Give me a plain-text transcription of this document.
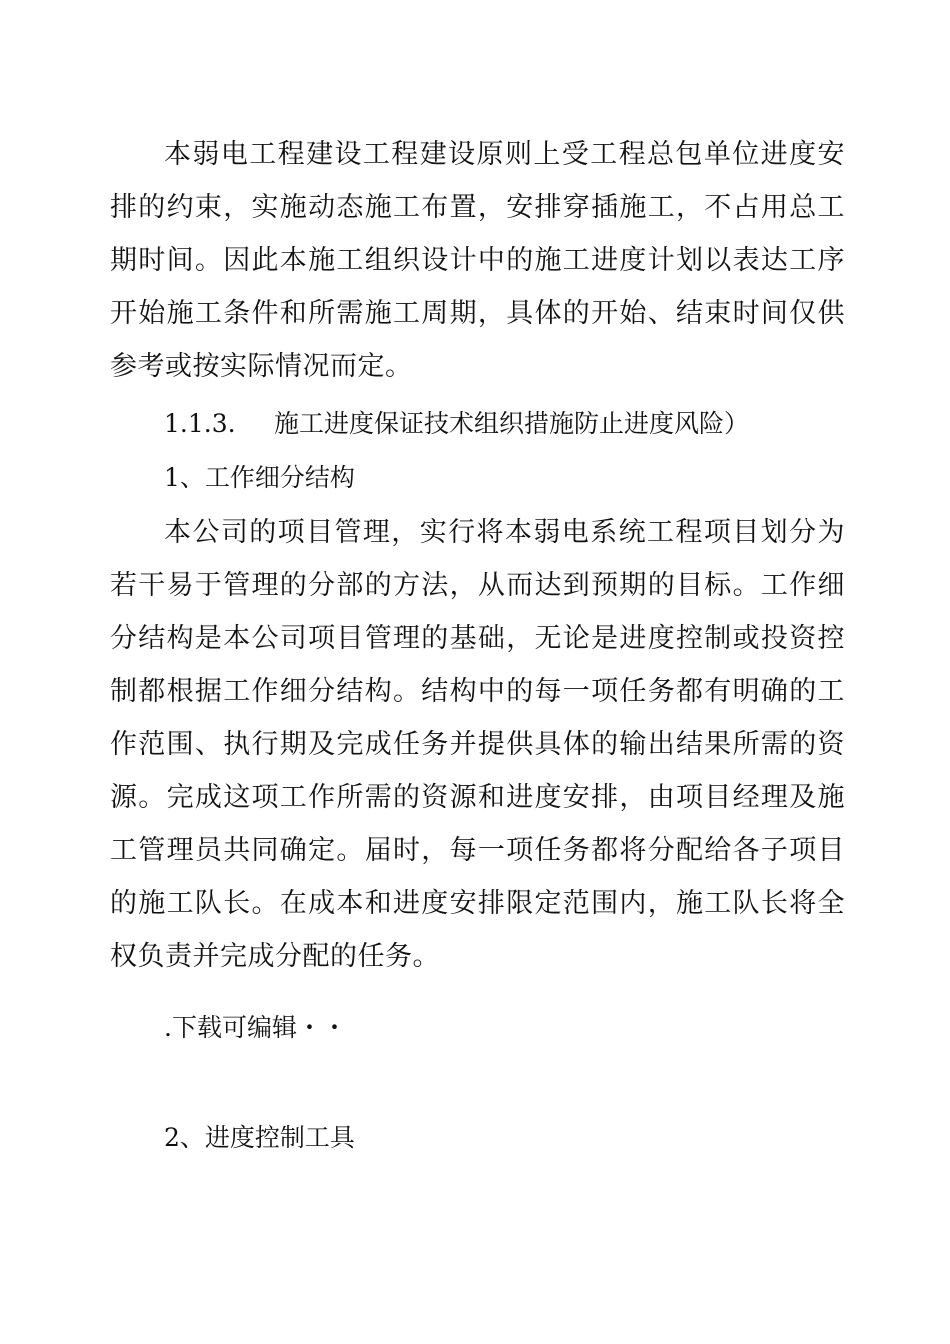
本弱电工程建设工程建设原则上受工程总包单位进度安排的约束，实施动态施工布置，安排穿插施工，不占用总工期时间。因此本施工组织设计中的施工进度计划以表达工序开始施工条件和所需施工周期，具体的开始、结束时间仅供参考或按实际情况而定。

1.1.3. 施工进度保证技术组织措施防止进度风险）

1、工作细分结构

本公司的项目管理，实行将本弱电系统工程项目划分为若干易于管理的分部的方法，从而达到预期的目标。工作细分结构是本公司项目管理的基础，无论是进度控制或投资控制都根据工作细分结构。结构中的每一项任务都有明确的工作范围、执行期及完成任务并提供具体的输出结果所需的资源。完成这项工作所需的资源和进度安排，由项目经理及施工管理员共同确定。届时，每一项任务都将分配给各子项目的施工队长。在成本和进度安排限定范围内，施工队长将全权负责并完成分配的任务。

.下载可编辑・・

2、进度控制工具
